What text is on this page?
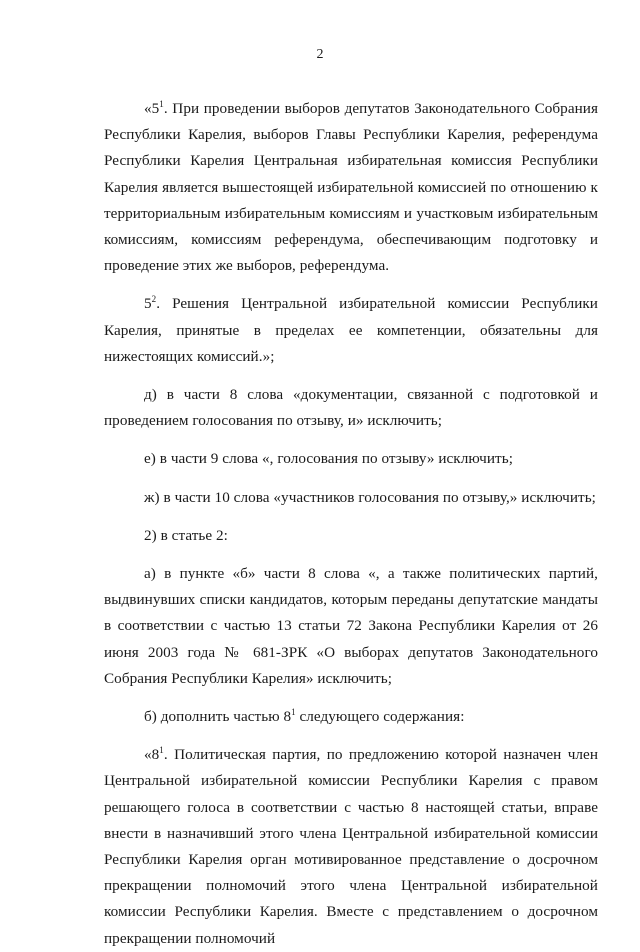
2

«$5^1$. При проведении выборов депутатов Законодательного Собрания Республики Карелия, выборов Главы Республики Карелия, референдума Республики Карелия Центральная избирательная комиссия Республики Карелия является вышестоящей избирательной комиссией по отношению к территориальным избирательным комиссиям и участковым избирательным комиссиям, комиссиям референдума, обеспечивающим подготовку и проведение этих же выборов, референдума.

$5^2$. Решения Центральной избирательной комиссии Республики Карелия, принятые в пределах ее компетенции, обязательны для нижестоящих комиссий.»;

д) в части 8 слова «документации, связанной с подготовкой и проведением голосования по отзыву, и» исключить;

е) в части 9 слова «, голосования по отзыву» исключить;

ж) в части 10 слова «участников голосования по отзыву,» исключить;

2) в статье 2:

а) в пункте «б» части 8 слова «, а также политических партий, выдвинувших списки кандидатов, которым переданы депутатские мандаты в соответствии с частью 13 статьи 72 Закона Республики Карелия от 26 июня 2003 года № 681-ЗРК «О выборах депутатов Законодательного Собрания Республики Карелия» исключить;

б) дополнить частью $8^1$ следующего содержания:

«$8^1$. Политическая партия, по предложению которой назначен член Центральной избирательной комиссии Республики Карелия с правом решающего голоса в соответствии с частью 8 настоящей статьи, вправе внести в назначивший этого члена Центральной избирательной комиссии Республики Карелия орган мотивированное представление о досрочном прекращении полномочий этого члена Центральной избирательной комиссии Республики Карелия. Вместе с представлением о досрочном прекращении полномочий
